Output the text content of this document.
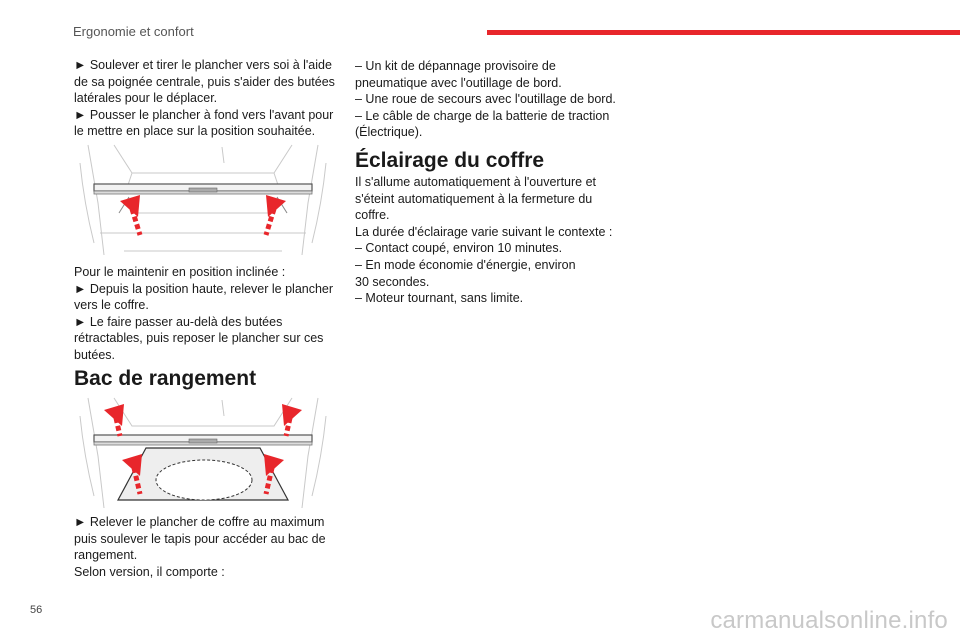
Ergonomie et confort

► Soulever et tirer le plancher vers soi à l'aide

de sa poignée centrale, puis s'aider des butées

latérales pour le déplacer.

► Pousser le plancher à fond vers l'avant pour

le mettre en place sur la position souhaitée.

Pour le maintenir en position inclinée :

► Depuis la position haute, relever le plancher

vers le coffre.

► Le faire passer au-delà des butées

rétractables, puis reposer le plancher sur ces

butées.

Bac de rangement

► Relever le plancher de coffre au maximum

puis soulever le tapis pour accéder au bac de

rangement.

Selon version, il comporte :

– Un kit de dépannage provisoire de

pneumatique avec l'outillage de bord.

– Une roue de secours avec l'outillage de bord.

– Le câble de charge de la batterie de traction

(Électrique).

Éclairage du coffre

Il s'allume automatiquement à l'ouverture et

s'éteint automatiquement à la fermeture du

coffre.

La durée d'éclairage varie suivant le contexte :

– Contact coupé, environ 10 minutes.

– En mode économie d'énergie, environ

30 secondes.

– Moteur tournant, sans limite.

56	carmanualsonline.info
